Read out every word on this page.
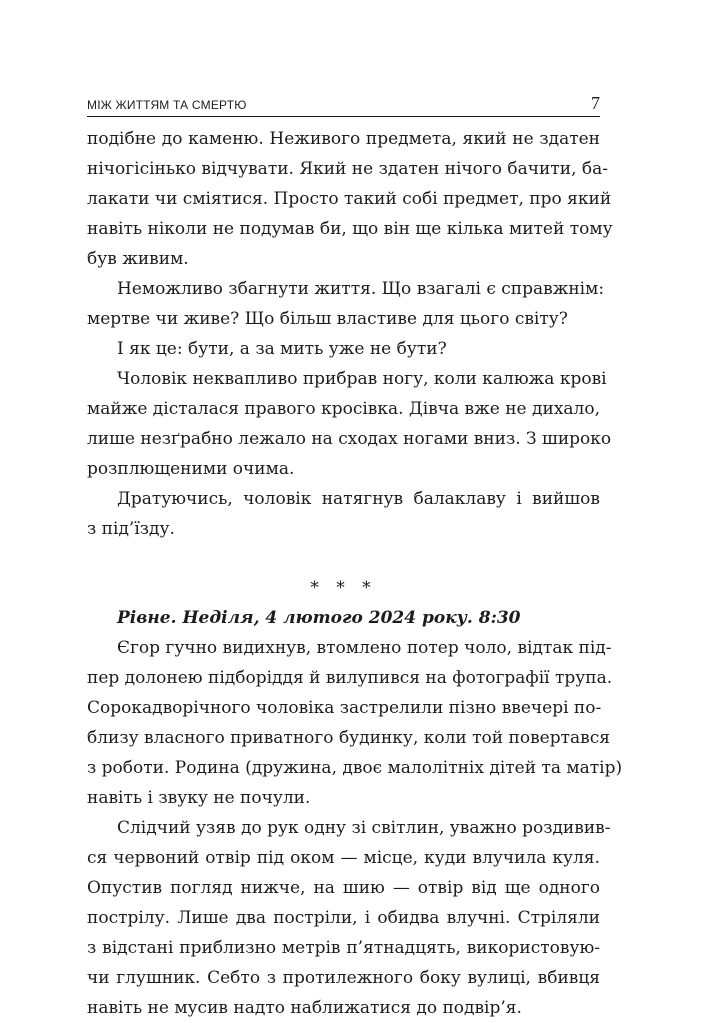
МІЖ ЖИТТЯМ ТА СМЕРТЮ	7
подібне до каменю. Неживого предмета, який не здатен
нічогісінько відчувати. Який не здатен нічого бачити, ба-
лакати чи сміятися. Просто такий собі предмет, про який
навіть ніколи не подумав би, що він ще кілька митей тому
був живим.
Неможливо збагнути життя. Що взагалі є справжнім:
мертве чи живе? Що більш властиве для цього світу?
І як це: бути, а за мить уже не бути?
Чоловік неквапливо прибрав ногу, коли калюжа крові
майже дісталася правого кросівка. Дівча вже не дихало,
лише незґрабно лежало на сходах ногами вниз. З широко
розплющеними очима.
Дратуючись, чоловік натягнув балаклаву і вийшов
з під’їзду.
* * *
Рівне. Неділя, 4 лютого 2024 року. 8:30
Єгор гучно видихнув, втомлено потер чоло, відтак під-
пер долонею підборіддя й вилупився на фотографії трупа.
Сорокадворічного чоловіка застрелили пізно ввечері по-
близу власного приватного будинку, коли той повертався
з роботи. Родина (дружина, двоє малолітніх дітей та матір)
навіть і звуку не почули.
Слідчий узяв до рук одну зі світлин, уважно роздивив-
ся червоний отвір під оком — місце, куди влучила куля.
Опустив погляд нижче, на шию — отвір від ще одного
пострілу. Лише два постріли, і обидва влучні. Стріляли
з відстані приблизно метрів п’ятнадцять, використовую-
чи глушник. Себто з протилежного боку вулиці, вбивця
навіть не мусив надто наближатися до подвір’я.
